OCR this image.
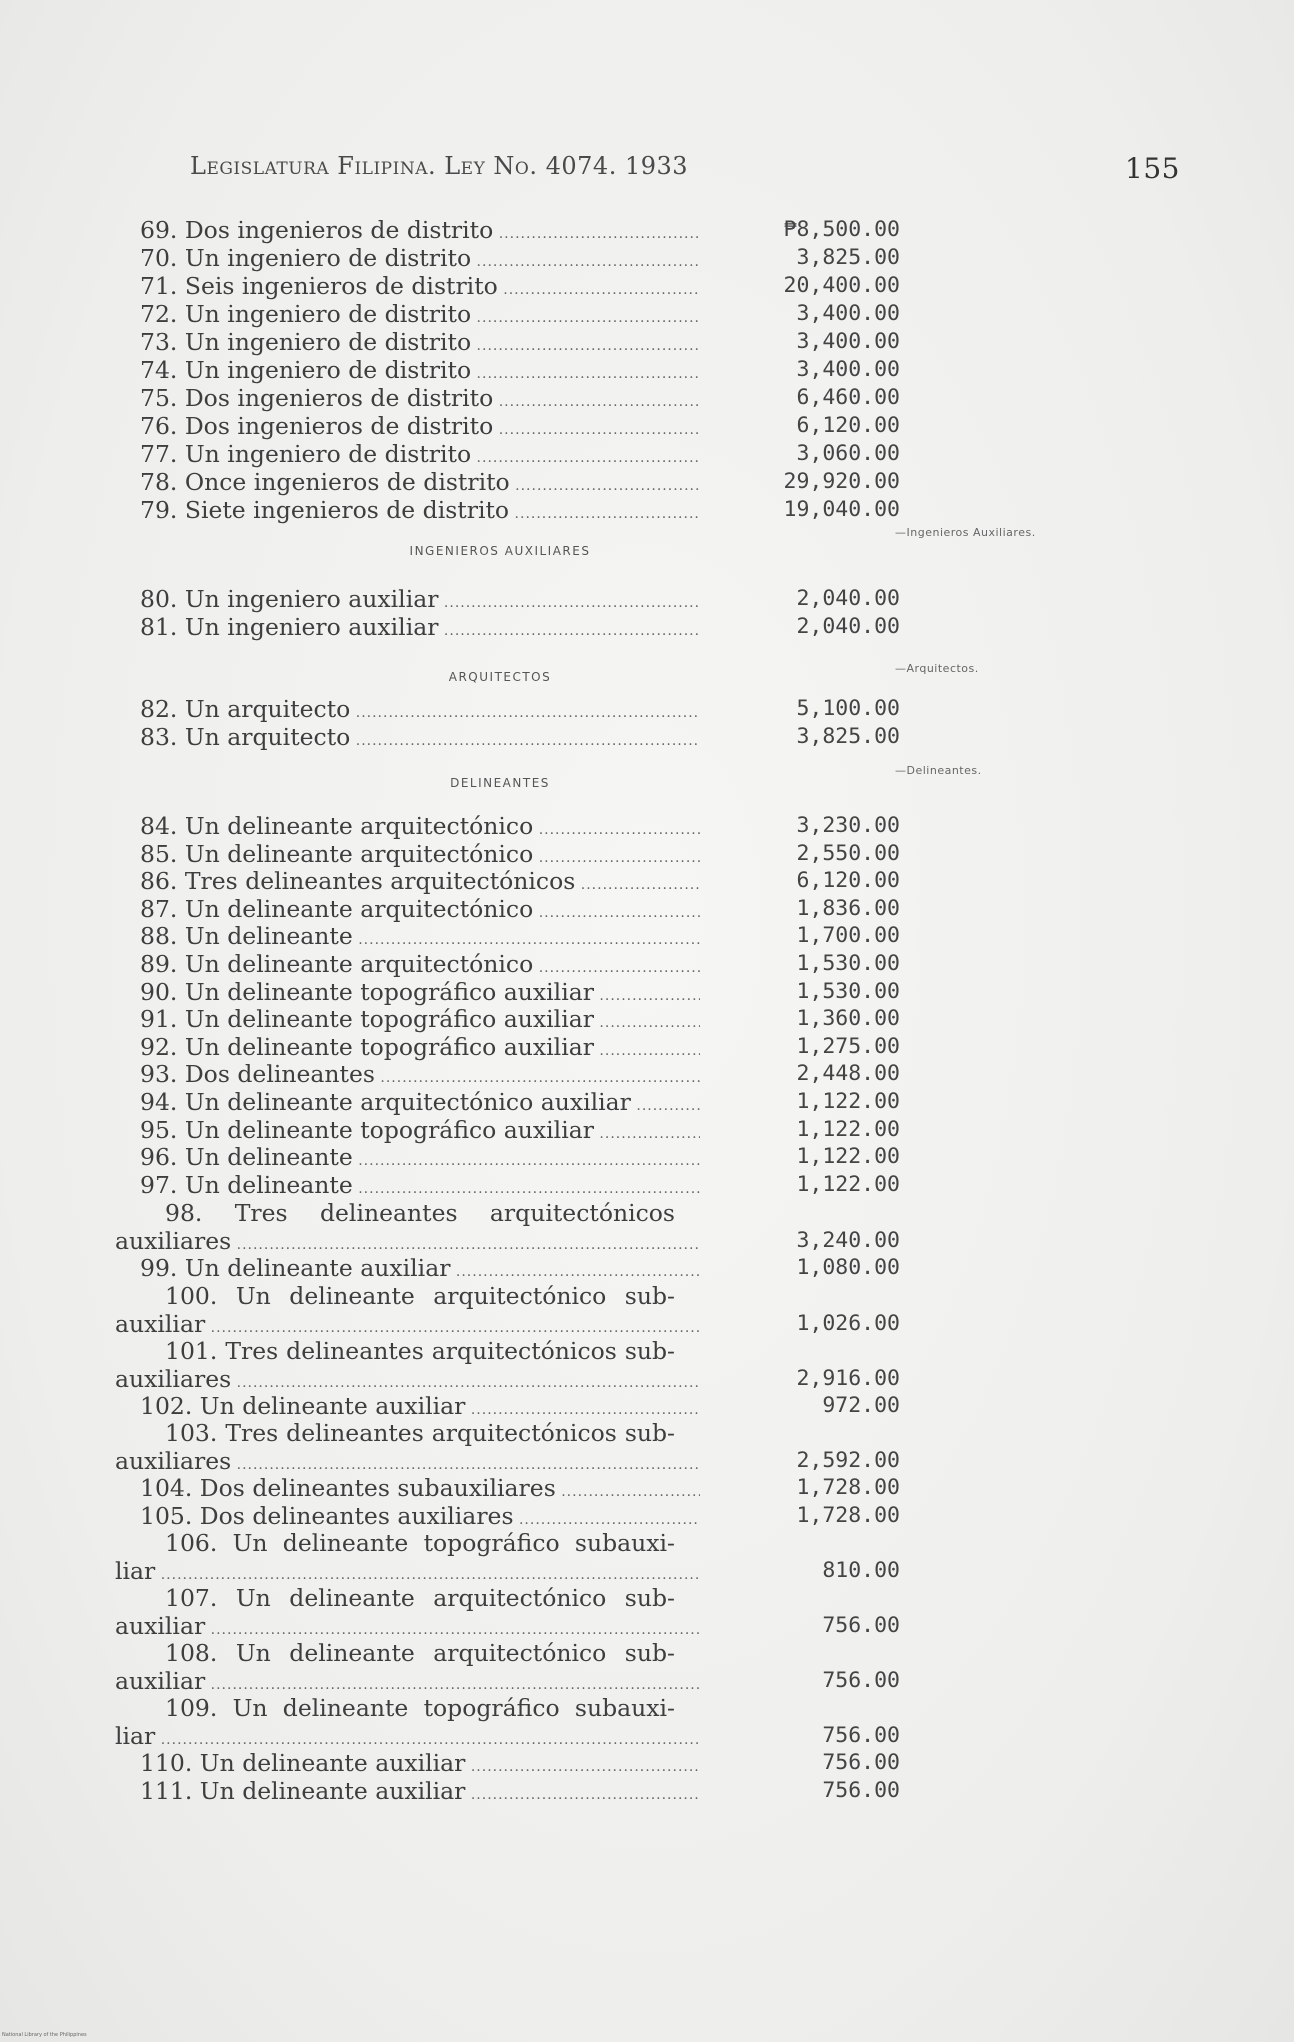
Legislatura Filipina. Ley No. 4074. 1933	155
INGENIEROS AUXILIARES
ARQUITECTOS
DELINEANTES
—Ingenieros Auxiliares.
—Arquitectos.
—Delineantes.
69. Dos ingenieros de distrito .....	₱8,500.00
70. Un ingeniero de distrito .....	3,825.00
71. Seis ingenieros de distrito .....	20,400.00
72. Un ingeniero de distrito .....	3,400.00
73. Un ingeniero de distrito .....	3,400.00
74. Un ingeniero de distrito .....	3,400.00
75. Dos ingenieros de distrito .....	6,460.00
76. Dos ingenieros de distrito .....	6,120.00
77. Un ingeniero de distrito .....	3,060.00
78. Once ingenieros de distrito .....	29,920.00
79. Siete ingenieros de distrito .....	19,040.00
80. Un ingeniero auxiliar .....	2,040.00
81. Un ingeniero auxiliar .....	2,040.00
82. Un arquitecto .....	5,100.00
83. Un arquitecto .....	3,825.00
84. Un delineante arquitectónico .....	3,230.00
85. Un delineante arquitectónico .....	2,550.00
86. Tres delineantes arquitectónicos .....	6,120.00
87. Un delineante arquitectónico .....	1,836.00
88. Un delineante .....	1,700.00
89. Un delineante arquitectónico .....	1,530.00
90. Un delineante topográfico auxiliar .....	1,530.00
91. Un delineante topográfico auxiliar .....	1,360.00
92. Un delineante topográfico auxiliar .....	1,275.00
93. Dos delineantes .....	2,448.00
94. Un delineante arquitectónico auxiliar .....	1,122.00
95. Un delineante topográfico auxiliar .....	1,122.00
96. Un delineante .....	1,122.00
97. Un delineante .....	1,122.00
98. Tres delineantes arquitectónicos
auxiliares .....	3,240.00
99. Un delineante auxiliar .....	1,080.00
100. Un delineante arquitectónico sub-
auxiliar .....	1,026.00
101. Tres delineantes arquitectónicos sub-
auxiliares .....	2,916.00
102. Un delineante auxiliar .....	972.00
103. Tres delineantes arquitectónicos sub-
auxiliares .....	2,592.00
104. Dos delineantes subauxiliares .....	1,728.00
105. Dos delineantes auxiliares .....	1,728.00
106. Un delineante topográfico subauxi-
liar .....	810.00
107. Un delineante arquitectónico sub-
auxiliar .....	756.00
108. Un delineante arquitectónico sub-
auxiliar .....	756.00
109. Un delineante topográfico subauxi-
liar .....	756.00
110. Un delineante auxiliar .....	756.00
111. Un delineante auxiliar .....	756.00
National Library of the Philippines
